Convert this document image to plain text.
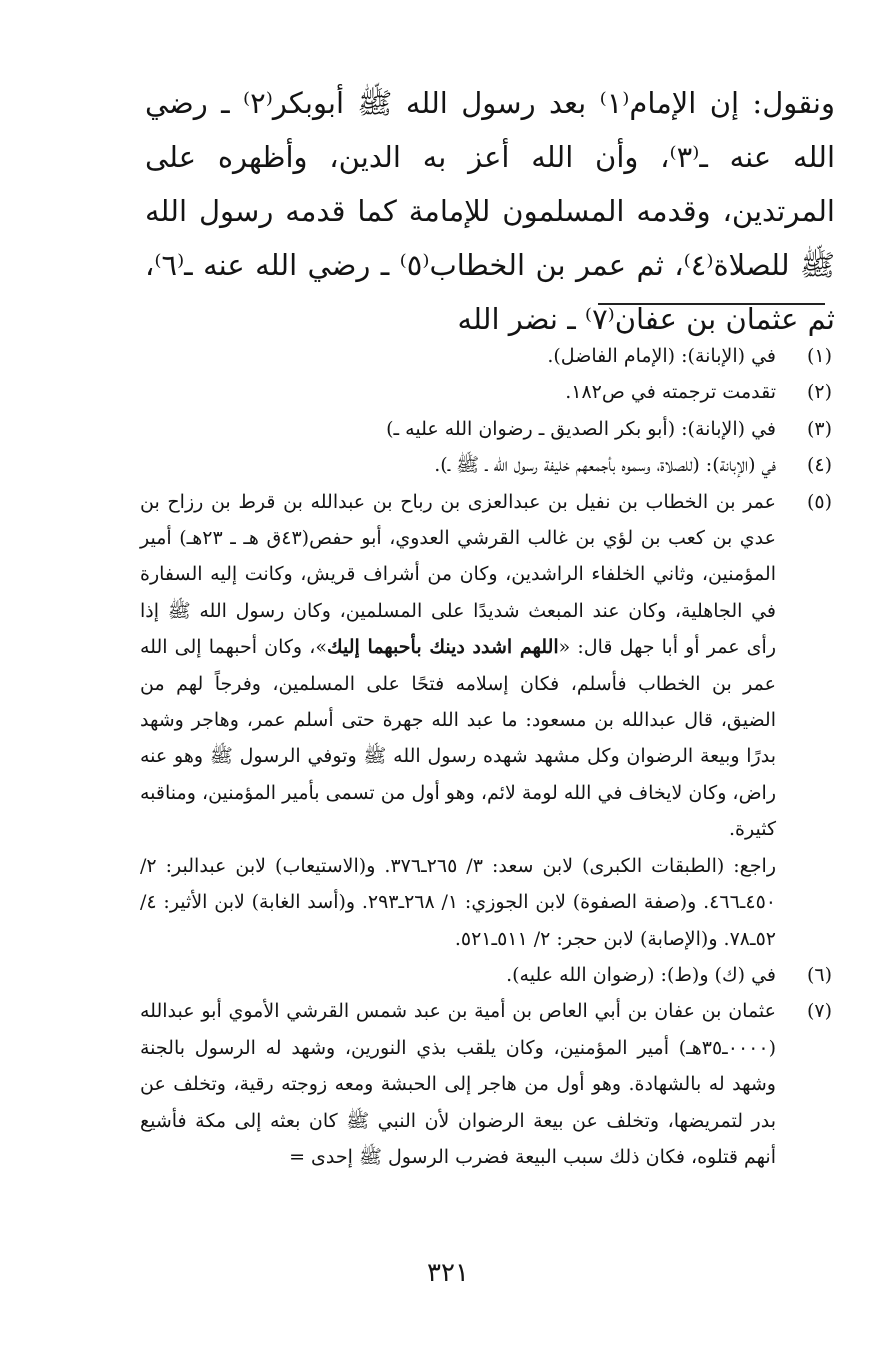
ونقول: إن الإمام⁽١⁾ بعد رسول الله ﷺ أبوبكر⁽٢⁾ ـ رضي الله عنه ـ⁽٣⁾، وأن الله أعز به الدين، وأظهره على المرتدين، وقدمه المسلمون للإمامة كما قدمه رسول الله ﷺ للصلاة⁽٤⁾، ثم عمر بن الخطاب⁽٥⁾ ـ رضي الله عنه ـ⁽٦⁾، ثم عثمان بن عفان⁽٧⁾ ـ نضر الله

(١)

في (الإبانة): (الإمام الفاضل).

(٢)

تقدمت ترجمته في ص١٨٢.

(٣)

في (الإبانة): (أبو بكر الصديق ـ رضوان الله عليه ـ)

(٤)

في (الإبانة): (للصلاة، وسموه بأجمعهم خليفة رسول الله ـ ﷺ ـ).

(٥)

عمر بن الخطاب بن نفيل بن عبدالعزى بن رباح بن عبدالله بن قرط بن رزاح بن عدي بن كعب بن لؤي بن غالب القرشي العدوي، أبو حفص(٤٣ق هـ ـ ٢٣هـ) أمير المؤمنين، وثاني الخلفاء الراشدين، وكان من أشراف قريش، وكانت إليه السفارة في الجاهلية، وكان عند المبعث شديدًا على المسلمين، وكان رسول الله ﷺ إذا رأى عمر أو أبا جهل قال: «اللهم اشدد دينك بأحبهما إليك»، وكان أحبهما إلى الله عمر بن الخطاب فأسلم، فكان إسلامه فتحًا على المسلمين، وفرجاً لهم من الضيق، قال عبدالله بن مسعود: ما عبد الله جهرة حتى أسلم عمر، وهاجر وشهد بدرًا وبيعة الرضوان وكل مشهد شهده رسول الله ﷺ وتوفي الرسول ﷺ وهو عنه راض، وكان لايخاف في الله لومة لائم، وهو أول من تسمى بأمير المؤمنين، ومناقبه كثيرة.

راجع: (الطبقات الكبرى) لابن سعد: ٣/ ٢٦٥ـ٣٧٦. و(الاستيعاب) لابن عبدالبر: ٢/ ٤٥٠ـ٤٦٦. و(صفة الصفوة) لابن الجوزي: ١/ ٢٦٨ـ٢٩٣. و(أسد الغابة) لابن الأثير: ٤/ ٥٢ـ٧٨. و(الإصابة) لابن حجر: ٢/ ٥١١ـ٥٢١.

(٦)

في (ك) و(ط): (رضوان الله عليه).

(٧)

عثمان بن عفان بن أبي العاص بن أمية بن عبد شمس القرشي الأموي أبو عبدالله (٠٠٠٠ـ٣٥هـ) أمير المؤمنين، وكان يلقب بذي النورين، وشهد له الرسول بالجنة وشهد له بالشهادة. وهو أول من هاجر إلى الحبشة ومعه زوجته رقية، وتخلف عن بدر لتمريضها، وتخلف عن بيعة الرضوان لأن النبي ﷺ كان بعثه إلى مكة فأشيع أنهم قتلوه، فكان ذلك سبب البيعة فضرب الرسول ﷺ إحدى =

٣٢١
